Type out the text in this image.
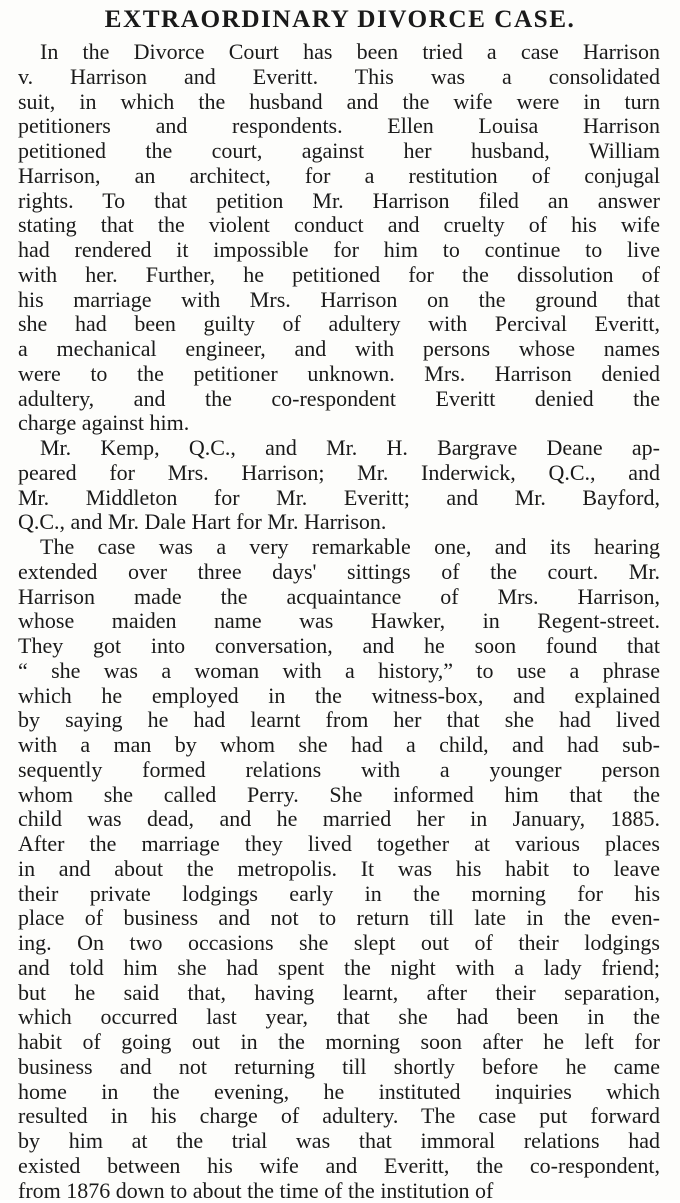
EXTRAORDINARY DIVORCE CASE.
In the Divorce Court has been tried a case Harrison
v. Harrison and Everitt. This was a consolidated
suit, in which the husband and the wife were in turn
petitioners and respondents. Ellen Louisa Harrison
petitioned the court, against her husband, William
Harrison, an architect, for a restitution of conjugal
rights. To that petition Mr. Harrison filed an answer
stating that the violent conduct and cruelty of his wife
had rendered it impossible for him to continue to live
with her. Further, he petitioned for the dissolution of
his marriage with Mrs. Harrison on the ground that
she had been guilty of adultery with Percival Everitt,
a mechanical engineer, and with persons whose names
were to the petitioner unknown. Mrs. Harrison denied
adultery, and the co-respondent Everitt denied the
charge against him.
Mr. Kemp, Q.C., and Mr. H. Bargrave Deane ap-
peared for Mrs. Harrison; Mr. Inderwick, Q.C., and
Mr. Middleton for Mr. Everitt; and Mr. Bayford,
Q.C., and Mr. Dale Hart for Mr. Harrison.
The case was a very remarkable one, and its hearing
extended over three days' sittings of the court. Mr.
Harrison made the acquaintance of Mrs. Harrison,
whose maiden name was Hawker, in Regent-street.
They got into conversation, and he soon found that
“ she was a woman with a history,” to use a phrase
which he employed in the witness-box, and explained
by saying he had learnt from her that she had lived
with a man by whom she had a child, and had sub-
sequently formed relations with a younger person
whom she called Perry. She informed him that the
child was dead, and he married her in January, 1885.
After the marriage they lived together at various places
in and about the metropolis. It was his habit to leave
their private lodgings early in the morning for his
place of business and not to return till late in the even-
ing. On two occasions she slept out of their lodgings
and told him she had spent the night with a lady friend;
but he said that, having learnt, after their separation,
which occurred last year, that she had been in the
habit of going out in the morning soon after he left for
business and not returning till shortly before he came
home in the evening, he instituted inquiries which
resulted in his charge of adultery. The case put forward
by him at the trial was that immoral relations had
existed between his wife and Everitt, the co-respondent,
from 1876 down to about the time of the institution of
